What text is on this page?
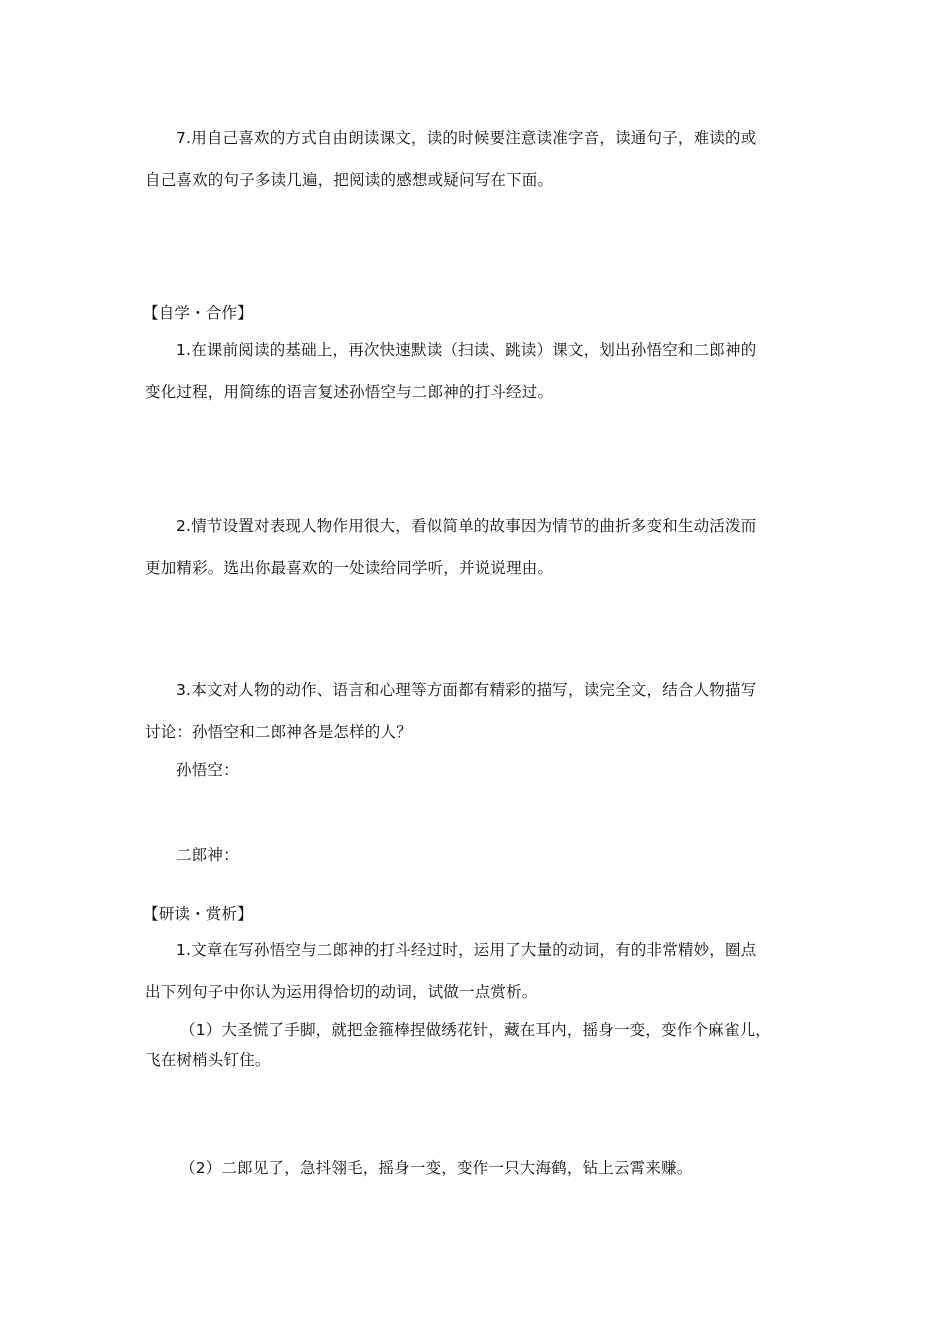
7.用自己喜欢的方式自由朗读课文，读的时候要注意读准字音，读通句子，难读的或
自己喜欢的句子多读几遍，把阅读的感想或疑问写在下面。
【自学・合作】
1.在课前阅读的基础上，再次快速默读（扫读、跳读）课文，划出孙悟空和二郎神的
变化过程，用简练的语言复述孙悟空与二郎神的打斗经过。
2.情节设置对表现人物作用很大，看似简单的故事因为情节的曲折多变和生动活泼而
更加精彩。选出你最喜欢的一处读给同学听，并说说理由。
3.本文对人物的动作、语言和心理等方面都有精彩的描写，读完全文，结合人物描写
讨论：孙悟空和二郎神各是怎样的人？
孙悟空：
二郎神：
【研读・赏析】
1.文章在写孙悟空与二郎神的打斗经过时，运用了大量的动词，有的非常精妙，圈点
出下列句子中你认为运用得恰切的动词，试做一点赏析。
（1）大圣慌了手脚，就把金箍棒捏做绣花针，藏在耳内，摇身一变，变作个麻雀儿，
飞在树梢头钉住。
（2）二郎见了，急抖翎毛，摇身一变，变作一只大海鹤，钻上云霄来赚。
